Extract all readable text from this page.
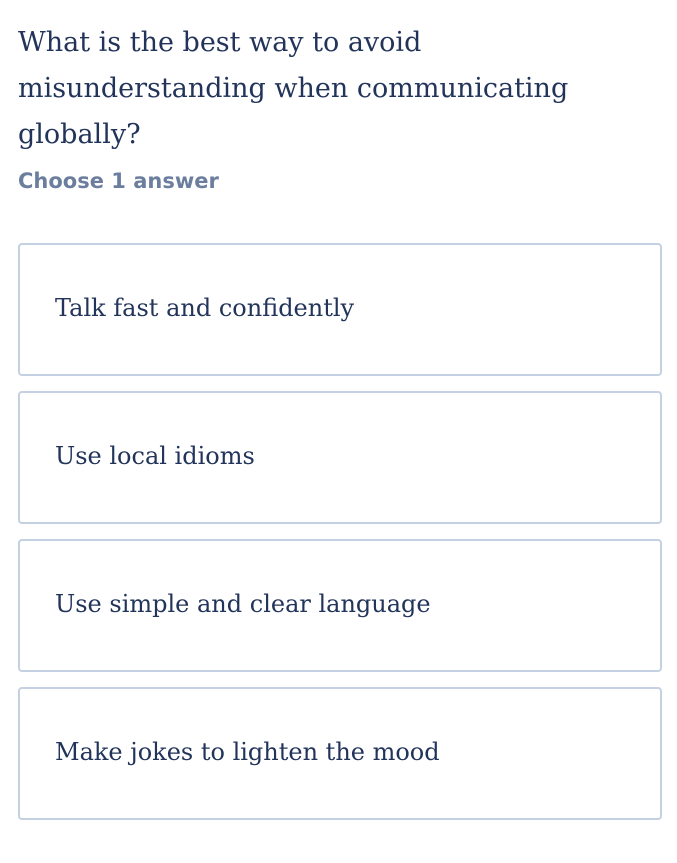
What is the best way to avoid misunderstanding when communicating globally?

Choose 1 answer

Talk fast and confidently
Use local idioms
Use simple and clear language
Make jokes to lighten the mood
